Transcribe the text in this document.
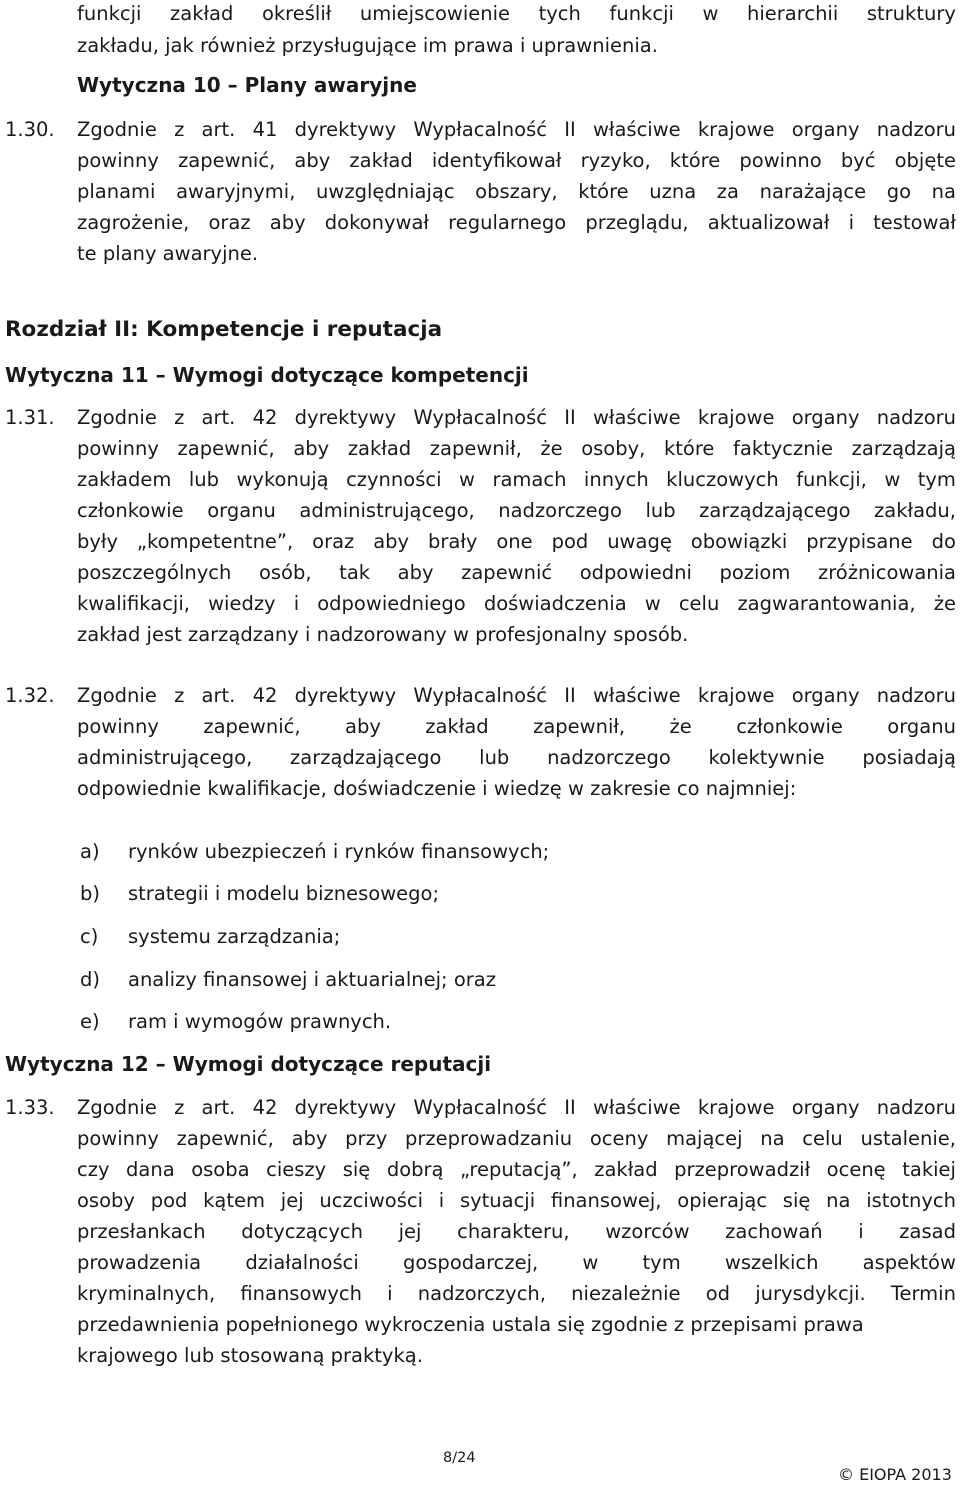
funkcji zakład określił umiejscowienie tych funkcji w hierarchii struktury
zakładu, jak również przysługujące im prawa i uprawnienia.
Wytyczna 10 – Plany awaryjne
1.30. Zgodnie z art. 41 dyrektywy Wypłacalność II właściwe krajowe organy nadzoru
powinny zapewnić, aby zakład identyfikował ryzyko, które powinno być objęte
planami awaryjnymi, uwzględniając obszary, które uzna za narażające go na
zagrożenie, oraz aby dokonywał regularnego przeglądu, aktualizował i testował
te plany awaryjne.
Rozdział II: Kompetencje i reputacja
Wytyczna 11 – Wymogi dotyczące kompetencji
1.31. Zgodnie z art. 42 dyrektywy Wypłacalność II właściwe krajowe organy nadzoru
powinny zapewnić, aby zakład zapewnił, że osoby, które faktycznie zarządzają
zakładem lub wykonują czynności w ramach innych kluczowych funkcji, w tym
członkowie organu administrującego, nadzorczego lub zarządzającego zakładu,
były „kompetentne”, oraz aby brały one pod uwagę obowiązki przypisane do
poszczególnych osób, tak aby zapewnić odpowiedni poziom zróżnicowania
kwalifikacji, wiedzy i odpowiedniego doświadczenia w celu zagwarantowania, że
zakład jest zarządzany i nadzorowany w profesjonalny sposób.
1.32. Zgodnie z art. 42 dyrektywy Wypłacalność II właściwe krajowe organy nadzoru
powinny zapewnić, aby zakład zapewnił, że członkowie organu
administrującego, zarządzającego lub nadzorczego kolektywnie posiadają
odpowiednie kwalifikacje, doświadczenie i wiedzę w zakresie co najmniej:
a) rynków ubezpieczeń i rynków finansowych;
b) strategii i modelu biznesowego;
c) systemu zarządzania;
d) analizy finansowej i aktuarialnej; oraz
e) ram i wymogów prawnych.
Wytyczna 12 – Wymogi dotyczące reputacji
1.33. Zgodnie z art. 42 dyrektywy Wypłacalność II właściwe krajowe organy nadzoru
powinny zapewnić, aby przy przeprowadzaniu oceny mającej na celu ustalenie,
czy dana osoba cieszy się dobrą „reputacją”, zakład przeprowadził ocenę takiej
osoby pod kątem jej uczciwości i sytuacji finansowej, opierając się na istotnych
przesłankach dotyczących jej charakteru, wzorców zachowań i zasad
prowadzenia działalności gospodarczej, w tym wszelkich aspektów
kryminalnych, finansowych i nadzorczych, niezależnie od jurysdykcji. Termin
przedawnienia popełnionego wykroczenia ustala się zgodnie z przepisami prawa
krajowego lub stosowaną praktyką.
8/24
© EIOPA 2013
